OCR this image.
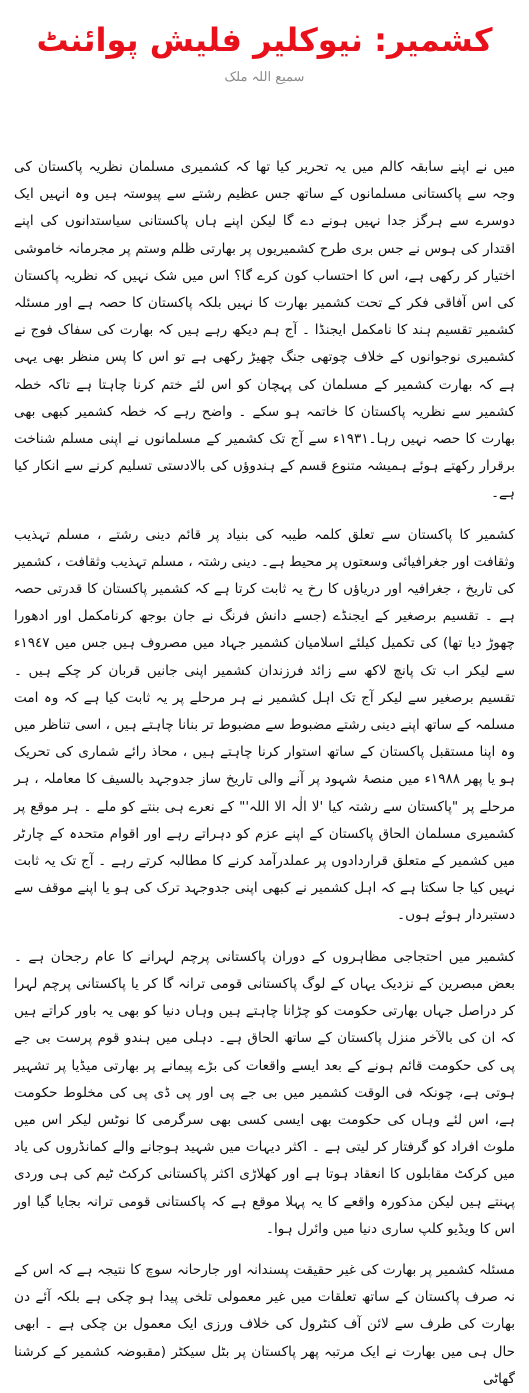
کشمیر: نیوکلیر فلیش پوائنٹ
سمیع اللہ ملک

میں نے اپنے سابقہ کالم میں یہ تحریر کیا تھا کہ کشمیری مسلمان نظریہ پاکستان کی وجہ سے پاکستانی مسلمانوں کے ساتھ جس عظیم رشتے سے پیوستہ ہیں وہ انہیں ایک دوسرے سے ہرگز جدا نہیں ہونے دے گا لیکن اپنے ہاں پاکستانی سیاستدانوں کی اپنے اقتدار کی ہوس نے جس بری طرح کشمیریوں پر بھارتی ظلم وستم پر مجرمانہ خاموشی اختیار کر رکھی ہے، اس کا احتساب کون کرے گا؟ اس میں شک نہیں کہ نظریہ پاکستان کی اس آفاقی فکر کے تحت کشمیر بھارت کا نہیں بلکہ پاکستان کا حصہ ہے اور مسئلہ کشمیر تقسیم ہند کا نامکمل ایجنڈا ۔ آج ہم دیکھ رہے ہیں کہ بھارت کی سفاک فوج نے کشمیری نوجوانوں کے خلاف چوتھی جنگ چھیڑ رکھی ہے تو اس کا پس منظر بھی یہی ہے کہ بھارت کشمیر کے مسلمان کی پہچان کو اس لئے ختم کرنا چاہتا ہے تاکہ خطہ کشمیر سے نظریہ پاکستان کا خاتمہ ہو سکے ۔ واضح رہے کہ خطہ کشمیر کبھی بھی بھارت کا حصہ نہیں رہا۔١٩٣١ء سے آج تک کشمیر کے مسلمانوں نے اپنی مسلم شناخت برقرار رکھتے ہوئے ہمیشہ متنوع قسم کے ہندوؤں کی بالادستی تسلیم کرنے سے انکار کیا ہے۔

کشمیر کا پاکستان سے تعلق کلمہ طیبہ کی بنیاد پر قائم دینی رشتے ، مسلم تہذیب وثقافت اور جغرافیائی وسعتوں پر محیط ہے۔ دینی رشتہ ، مسلم تہذیب وثقافت ، کشمیر کی تاریخ ، جغرافیہ اور دریاؤں کا رخ یہ ثابت کرتا ہے کہ کشمیر پاکستان کا قدرتی حصہ ہے ۔ تقسیم برصغیر کے ایجنڈے (جسے دانش فرنگ نے جان بوجھ کرنامکمل اور ادھورا چھوڑ دیا تھا) کی تکمیل کیلئے اسلامیان کشمیر جہاد میں مصروف ہیں جس میں ١٩٤٧ء سے لیکر اب تک پانچ لاکھ سے زائد فرزندان کشمیر اپنی جانیں قربان کر چکے ہیں ۔ تقسیم برصغیر سے لیکر آج تک اہل کشمیر نے ہر مرحلے پر یہ ثابت کیا ہے کہ وہ امت مسلمہ کے ساتھ اپنے دینی رشتے مضبوط سے مضبوط تر بنانا چاہتے ہیں ، اسی تناظر میں وہ اپنا مستقبل پاکستان کے ساتھ استوار کرنا چاہتے ہیں ، محاذ رائے شماری کی تحریک ہو یا پھر ١٩٨٨ء میں منصۂ شہود پر آنے والی تاریخ ساز جدوجہد بالسیف کا معاملہ ، ہر مرحلے پر "پاکستان سے رشتہ کیا 'لا الٰہ الا اللہ'" کے نعرے ہی بنتے کو ملے ۔ ہر موقع پر کشمیری مسلمان الحاق پاکستان کے اپنے عزم کو دہراتے رہے اور اقوام متحدہ کے چارٹر میں کشمیر کے متعلق قراردادوں پر عملدرآمد کرنے کا مطالبہ کرتے رہے ۔ آج تک یہ ثابت نہیں کیا جا سکتا ہے کہ اہل کشمیر نے کبھی اپنی جدوجہد ترک کی ہو یا اپنے موقف سے دستبردار ہوئے ہوں۔

کشمیر میں احتجاجی مظاہروں کے دوران پاکستانی پرچم لہرانے کا عام رجحان ہے ۔ بعض مبصرین کے نزدیک یہاں کے لوگ پاکستانی قومی ترانہ گا کر یا پاکستانی پرچم لہرا کر دراصل جہاں بھارتی حکومت کو چڑانا چاہتے ہیں وہاں دنیا کو بھی یہ باور کراتے ہیں کہ ان کی بالآخر منزل پاکستان کے ساتھ الحاق ہے۔ دہلی میں ہندو قوم پرست بی جے پی کی حکومت قائم ہونے کے بعد ایسے واقعات کی بڑے پیمانے پر بھارتی میڈیا پر تشہیر ہوتی ہے، چونکہ فی الوقت کشمیر میں بی جے پی اور پی ڈی پی کی مخلوط حکومت ہے، اس لئے وہاں کی حکومت بھی ایسی کسی بھی سرگرمی کا نوٹس لیکر اس میں ملوث افراد کو گرفتار کر لیتی ہے ۔ اکثر دیہات میں شہید ہوجانے والے کمانڈروں کی یاد میں کرکٹ مقابلوں کا انعقاد ہوتا ہے اور کھلاڑی اکثر پاکستانی کرکٹ ٹیم کی ہی وردی پہنتے ہیں لیکن مذکورہ واقعے کا یہ پہلا موقع ہے کہ پاکستانی قومی ترانہ بجایا گیا اور اس کا ویڈیو کلپ ساری دنیا میں وائرل ہوا۔

مسئلہ کشمیر پر بھارت کی غیر حقیقت پسندانہ اور جارحانہ سوچ کا نتیجہ ہے کہ اس کے نہ صرف پاکستان کے ساتھ تعلقات میں غیر معمولی تلخی پیدا ہو چکی ہے بلکہ آئے دن بھارت کی طرف سے لائن آف کنٹرول کی خلاف ورزی ایک معمول بن چکی ہے ۔ ابھی حال ہی میں بھارت نے ایک مرتبہ پھر پاکستان پر بٹل سیکٹر (مقبوضہ کشمیر کے کرشنا گھاٹی
